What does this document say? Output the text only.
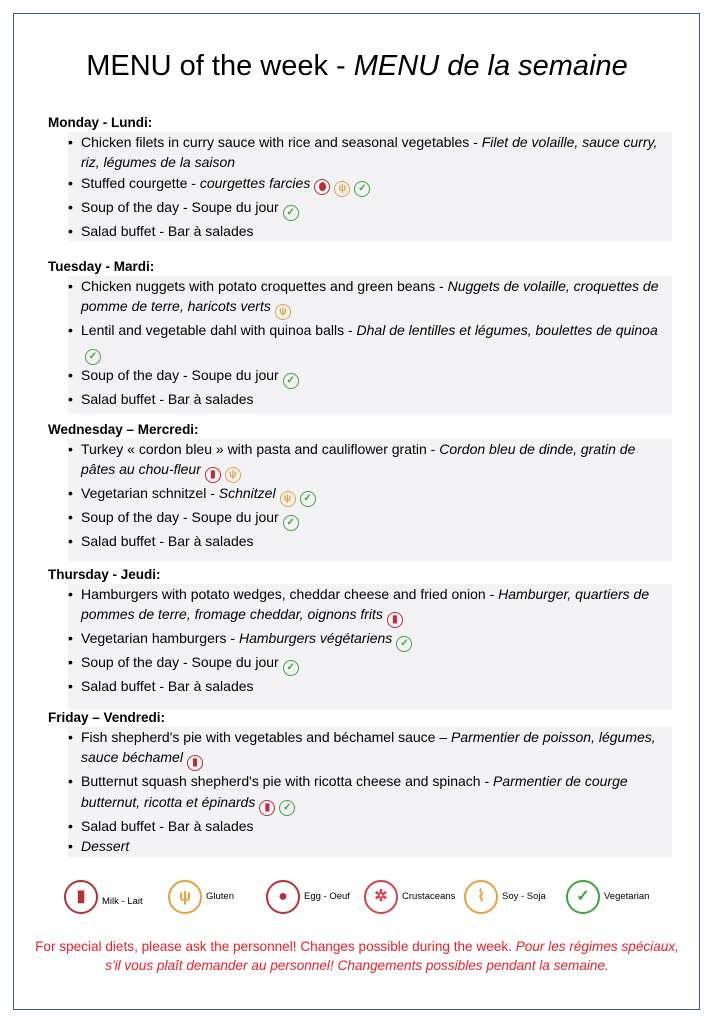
MENU of the week - MENU de la semaine
Monday - Lundi:
• Chicken filets in curry sauce with rice and seasonal vegetables - Filet de volaille, sauce curry, riz, légumes de la saison
• Stuffed courgette - courgettes farcies	ψ ✓
• Soup of the day - Soupe du jour ✓
• Salad buffet - Bar à salades
Tuesday - Mardi:
• Chicken nuggets with potato croquettes and green beans - Nuggets de volaille, croquettes de pomme de terre, haricots verts ψ
• Lentil and vegetable dahl with quinoa balls - Dhal de lentilles et légumes, boulettes de quinoa✓
• Soup of the day - Soupe du jour ✓
• Salad buffet - Bar à salades
Wednesday – Mercredi:
• Turkey « cordon bleu » with pasta and cauliflower gratin - Cordon bleu de dinde, gratin de pâtes au chou-fleur ▮ ψ
• Vegetarian schnitzel - Schnitzel ψ ✓
• Soup of the day - Soupe du jour ✓
• Salad buffet - Bar à salades
Thursday - Jeudi:
• Hamburgers with potato wedges, cheddar cheese and fried onion - Hamburger, quartiers de pommes de terre, fromage cheddar, oignons frits ▮
• Vegetarian hamburgers - Hamburgers végétariens ✓
• Soup of the day - Soupe du jour ✓
• Salad buffet - Bar à salades
Friday – Vendredi:
• Fish shepherd's pie with vegetables and béchamel sauce – Parmentier de poisson, légumes, sauce béchamel ▮
• Butternut squash shepherd's pie with ricotta cheese and spinach - Parmentier de courge butternut, ricotta et épinards ▮ ✓
• Salad buffet - Bar à salades
• Dessert
▮	Milk - Lait	ψ	Gluten	●	Egg - Oeuf	✲	Crustaceans	⌇	Soy - Soja	✓	Vegetarian
For special diets, please ask the personnel! Changes possible during the week. Pour les régimes spéciaux, s'il vous plaît demander au personnel! Changements possibles pendant la semaine.
